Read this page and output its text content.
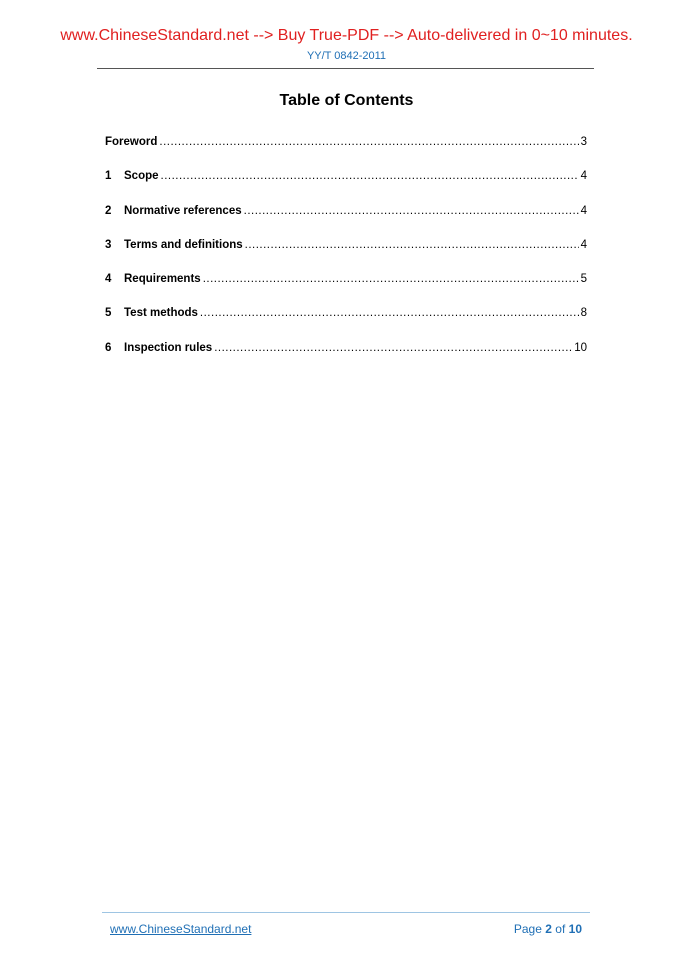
www.ChineseStandard.net --> Buy True-PDF --> Auto-delivered in 0~10 minutes.
YY/T 0842-2011
Table of Contents
Foreword .....	3
1	Scope .....	4
2	Normative references .....	4
3	Terms and definitions .....	4
4	Requirements .....	5
5	Test methods .....	8
6	Inspection rules .....	10
www.ChineseStandard.net	Page 2 of 10
